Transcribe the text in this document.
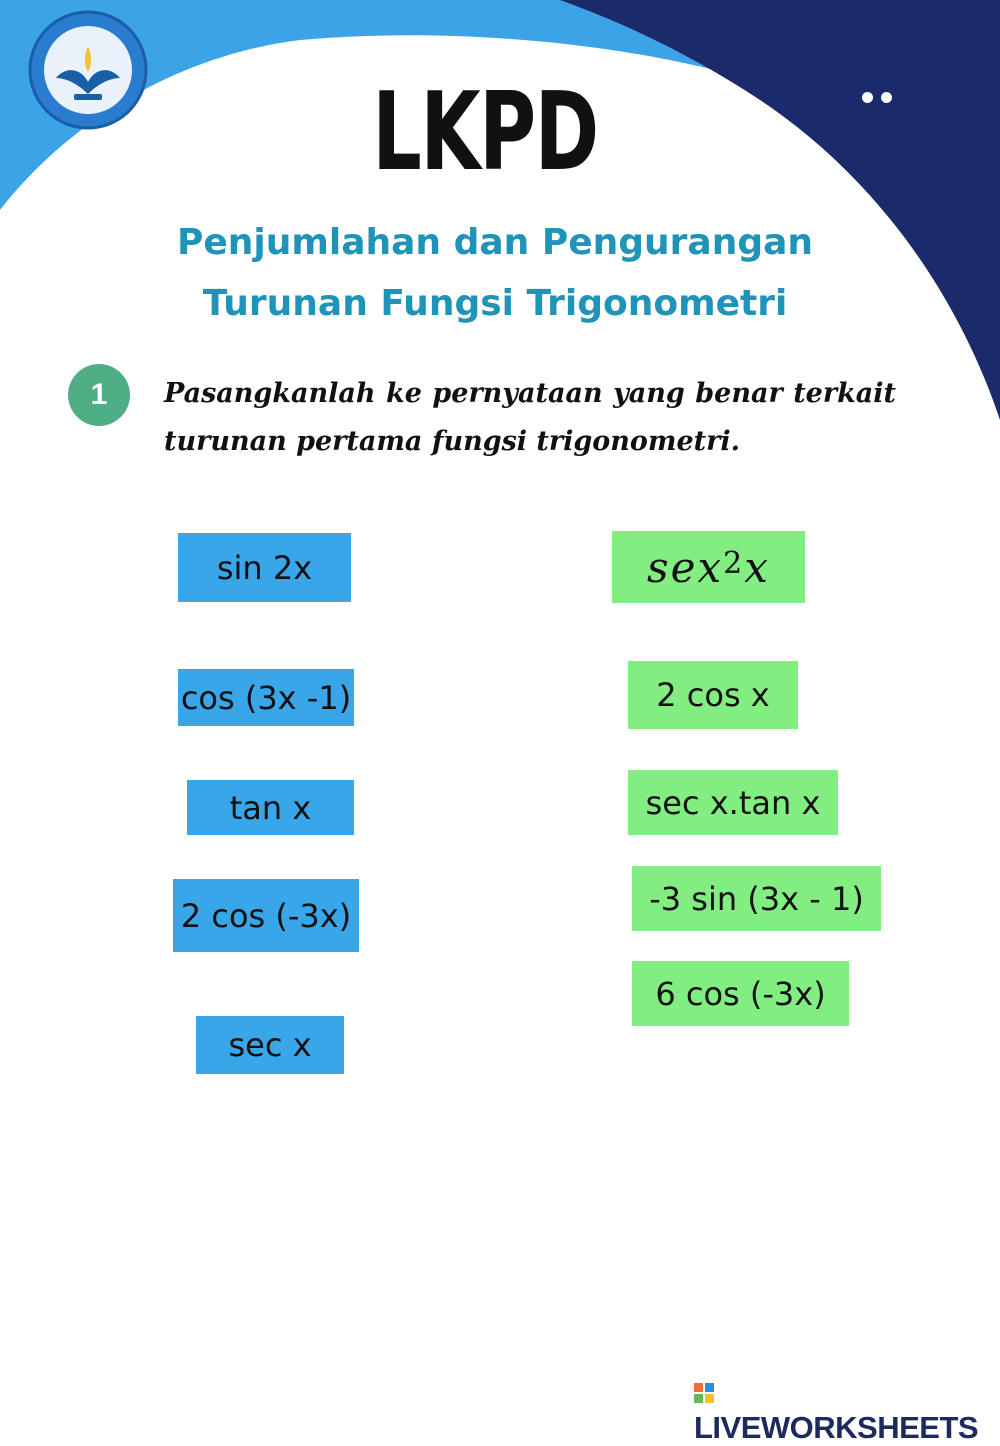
LKPD
Penjumlahan dan Pengurangan
Turunan Fungsi Trigonometri
1	Pasangkanlah ke pernyataan yang benar terkait turunan pertama fungsi trigonometri.
sin 2x
cos (3x -1)
tan x
2 cos (-3x)
sec x
sex$^2$ x
2 cos x
sec x.tan x
-3 sin (3x - 1)
6 cos (-3x)
LIVEWORKSHEETS
